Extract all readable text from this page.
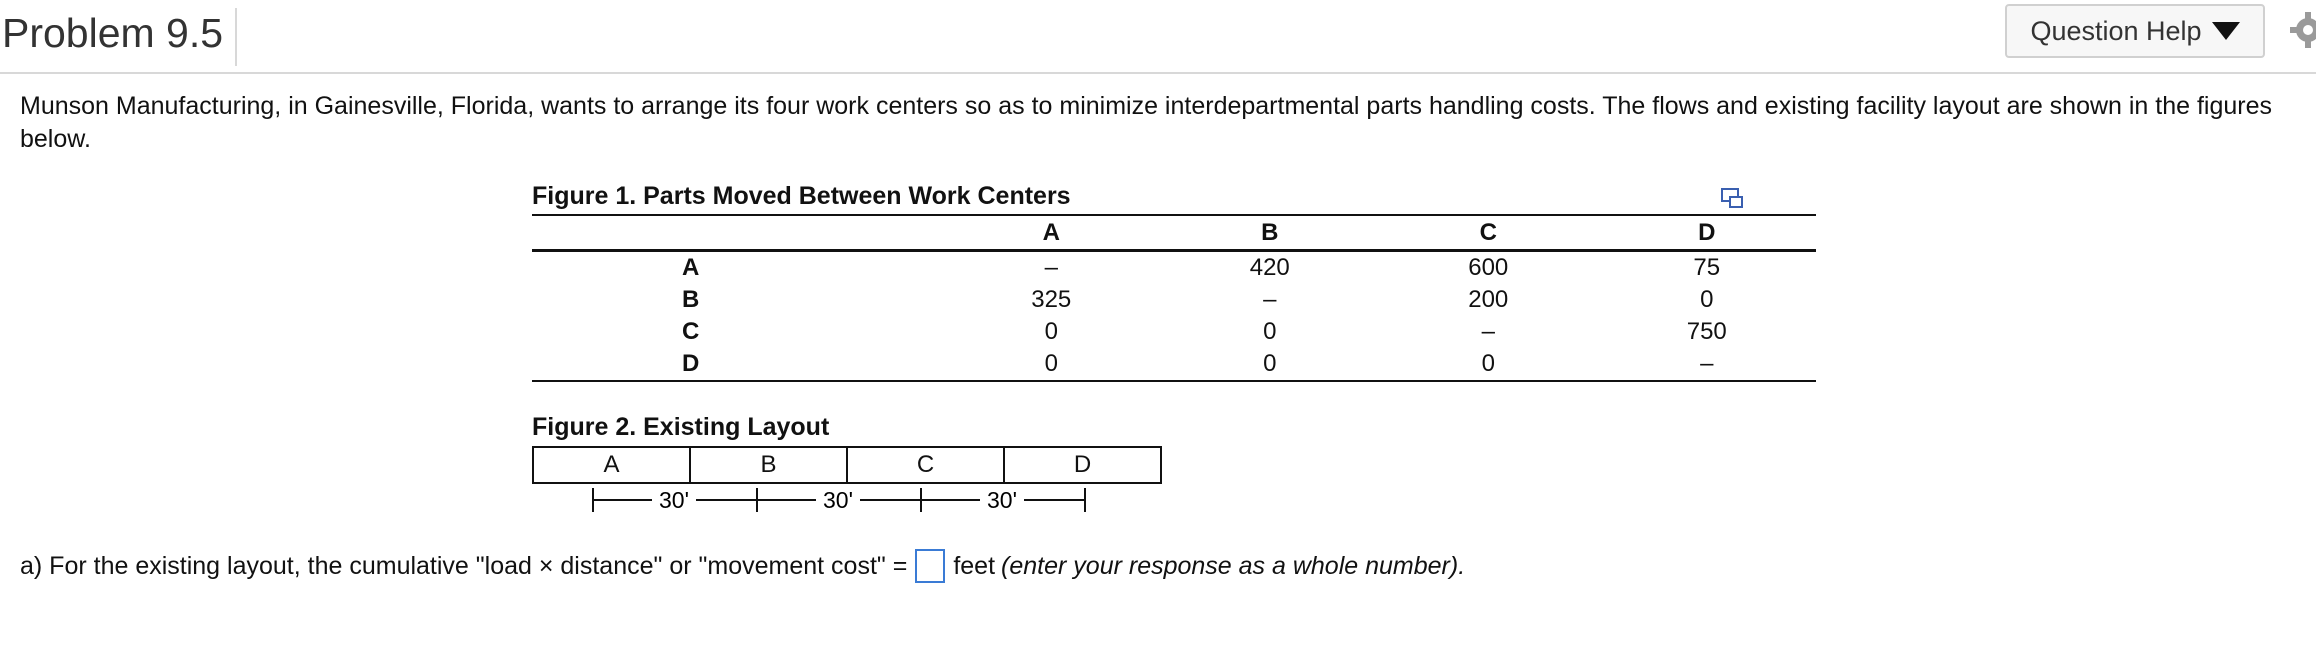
Problem 9.5	Question Help
Munson Manufacturing, in Gainesville, Florida, wants to arrange its four work centers so as to minimize interdepartmental parts handling costs. The flows and existing facility layout are shown in the figures below.
Figure 1. Parts Moved Between Work Centers
	A	B	C	D
A	–	420	600	75
B	325	–	200	0
C	0	0	–	750
D	0	0	0	–
Figure 2. Existing Layout
A	B	C	D
30'	30'	30'
a) For the existing layout, the cumulative "load × distance" or "movement cost" = feet (enter your response as a whole number).
